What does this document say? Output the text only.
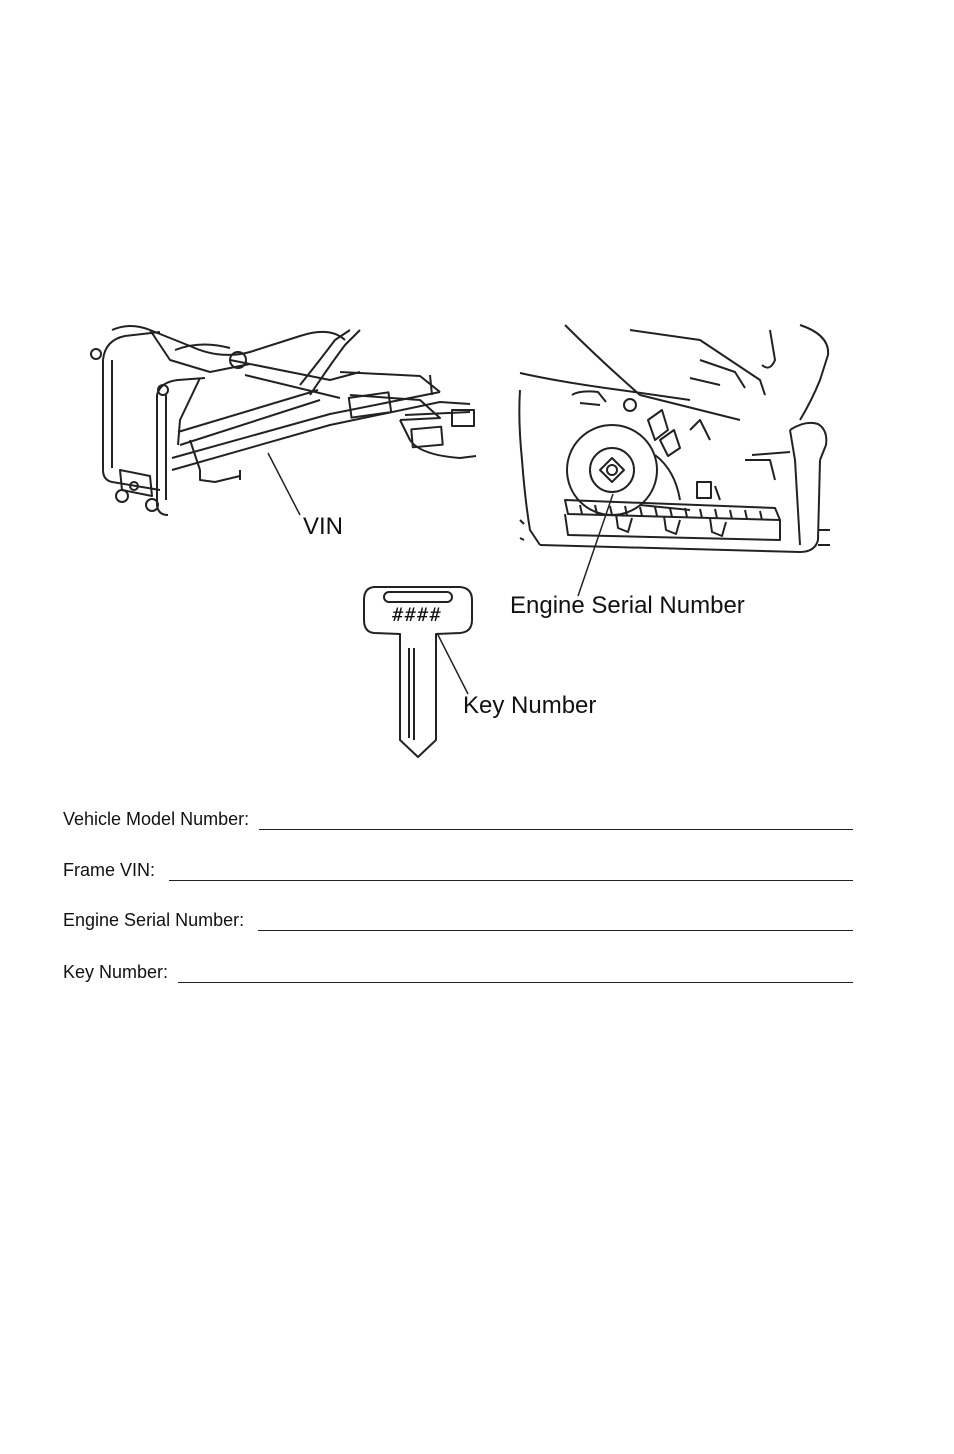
VIN
Engine Serial Number
Key Number
####
Vehicle Model Number:
Frame VIN:
Engine Serial Number:
Key Number:
